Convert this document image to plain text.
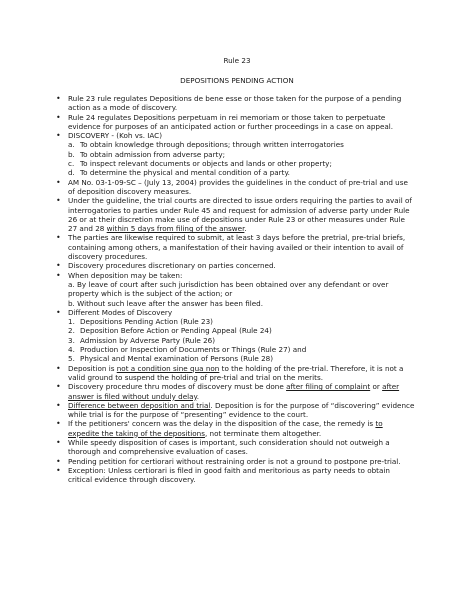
Rule 23
DEPOSITIONS PENDING ACTION
• Rule 23 rule regulates Depositions de bene esse or those taken for the purpose of a pending action as a mode of discovery.
• Rule 24 regulates Depositions perpetuam in rei memoriam or those taken to perpetuate evidence for purposes of an anticipated action or further proceedings in a case on appeal.
• DISCOVERY - (Koh vs. IAC)
a. To obtain knowledge through depositions; through written interrogatories
b. To obtain admission from adverse party;
c. To inspect relevant documents or objects and lands or other property;
d. To determine the physical and mental condition of a party.
• AM No. 03-1-09-SC – (July 13, 2004) provides the guidelines in the conduct of pre-trial and use of deposition discovery measures.
• Under the guideline, the trial courts are directed to issue orders requiring the parties to avail of interrogatories to parties under Rule 45 and request for admission of adverse party under Rule 26 or at their discretion make use of depositions under Rule 23 or other measures under Rule 27 and 28 within 5 days from filing of the answer.
• The parties are likewise required to submit, at least 3 days before the pretrial, pre-trial briefs, containing among others, a manifestation of their having availed or their intention to avail of discovery procedures.
• Discovery procedures discretionary on parties concerned.
• When deposition may be taken:
a. By leave of court after such jurisdiction has been obtained over any defendant or over property which is the subject of the action; or
b. Without such leave after the answer has been filed.
• Different Modes of Discovery
1. Depositions Pending Action (Rule 23)
2. Deposition Before Action or Pending Appeal (Rule 24)
3. Admission by Adverse Party (Rule 26)
4. Production or Inspection of Documents or Things (Rule 27) and
5. Physical and Mental examination of Persons (Rule 28)
• Deposition is not a condition sine qua non to the holding of the pre-trial. Therefore, it is not a valid ground to suspend the holding of pre-trial and trial on the merits.
• Discovery procedure thru modes of discovery must be done after filing of complaint or after answer is filed without unduly delay.
• Difference between deposition and trial. Deposition is for the purpose of “discovering” evidence while trial is for the purpose of “presenting” evidence to the court.
• If the petitioners' concern was the delay in the disposition of the case, the remedy is to expedite the taking of the depositions, not terminate them altogether.
• While speedy disposition of cases is important, such consideration should not outweigh a thorough and comprehensive evaluation of cases.
• Pending petition for certiorari without restraining order is not a ground to postpone pre-trial.
• Exception: Unless certiorari is filed in good faith and meritorious as party needs to obtain critical evidence through discovery.
